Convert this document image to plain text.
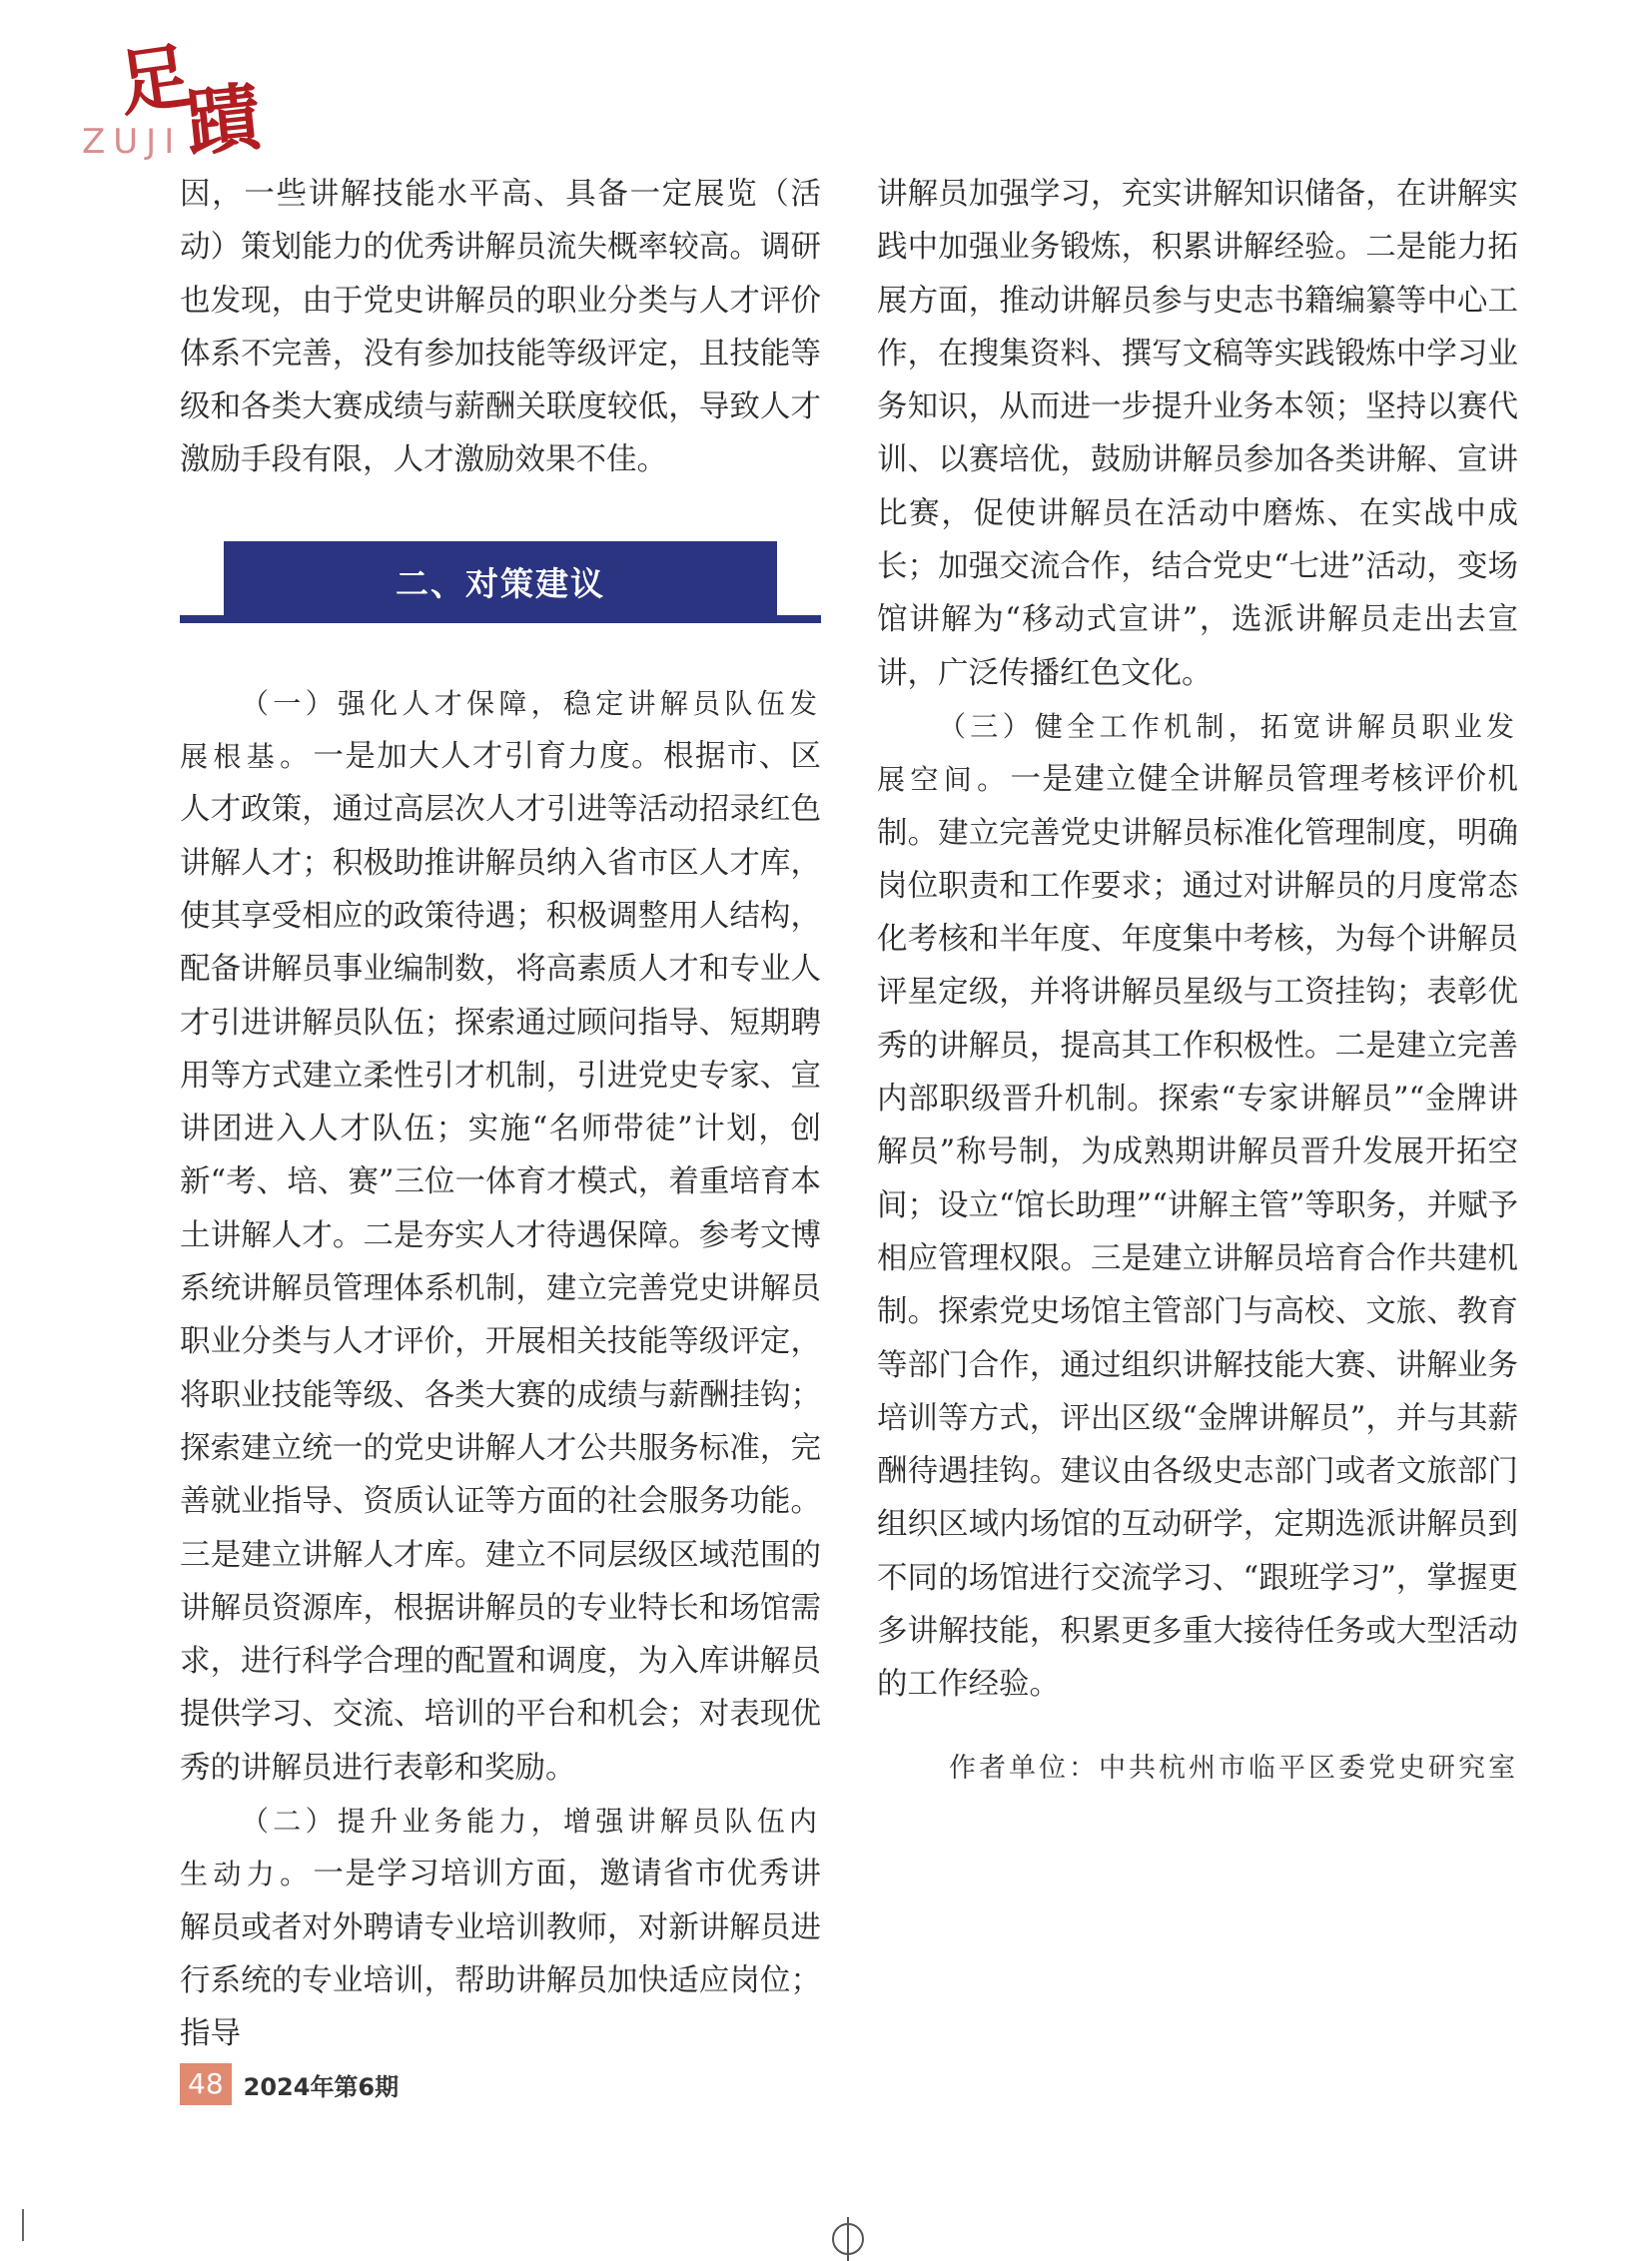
足
蹟
ZUJI

因，一些讲解技能水平高、具备一定展览（活动）策划能力的优秀讲解员流失概率较高。调研也发现，由于党史讲解员的职业分类与人才评价体系不完善，没有参加技能等级评定，且技能等级和各类大赛成绩与薪酬关联度较低，导致人才激励手段有限，人才激励效果不佳。

二、对策建议

（一）强化人才保障，稳定讲解员队伍发展根基。一是加大人才引育力度。根据市、区人才政策，通过高层次人才引进等活动招录红色讲解人才；积极助推讲解员纳入省市区人才库，使其享受相应的政策待遇；积极调整用人结构，配备讲解员事业编制数，将高素质人才和专业人才引进讲解员队伍；探索通过顾问指导、短期聘用等方式建立柔性引才机制，引进党史专家、宣讲团进入人才队伍；实施“名师带徒”计划，创新“考、培、赛”三位一体育才模式，着重培育本土讲解人才。二是夯实人才待遇保障。参考文博系统讲解员管理体系机制，建立完善党史讲解员职业分类与人才评价，开展相关技能等级评定，将职业技能等级、各类大赛的成绩与薪酬挂钩；探索建立统一的党史讲解人才公共服务标准，完善就业指导、资质认证等方面的社会服务功能。三是建立讲解人才库。建立不同层级区域范围的讲解员资源库，根据讲解员的专业特长和场馆需求，进行科学合理的配置和调度，为入库讲解员提供学习、交流、培训的平台和机会；对表现优秀的讲解员进行表彰和奖励。

（二）提升业务能力，增强讲解员队伍内生动力。一是学习培训方面，邀请省市优秀讲解员或者对外聘请专业培训教师，对新讲解员进行系统的专业培训，帮助讲解员加快适应岗位；指导

讲解员加强学习，充实讲解知识储备，在讲解实践中加强业务锻炼，积累讲解经验。二是能力拓展方面，推动讲解员参与史志书籍编纂等中心工作，在搜集资料、撰写文稿等实践锻炼中学习业务知识，从而进一步提升业务本领；坚持以赛代训、以赛培优，鼓励讲解员参加各类讲解、宣讲比赛，促使讲解员在活动中磨炼、在实战中成长；加强交流合作，结合党史“七进”活动，变场馆讲解为“移动式宣讲”，选派讲解员走出去宣讲，广泛传播红色文化。

（三）健全工作机制，拓宽讲解员职业发展空间。一是建立健全讲解员管理考核评价机制。建立完善党史讲解员标准化管理制度，明确岗位职责和工作要求；通过对讲解员的月度常态化考核和半年度、年度集中考核，为每个讲解员评星定级，并将讲解员星级与工资挂钩；表彰优秀的讲解员，提高其工作积极性。二是建立完善内部职级晋升机制。探索“专家讲解员”“金牌讲解员”称号制，为成熟期讲解员晋升发展开拓空间；设立“馆长助理”“讲解主管”等职务，并赋予相应管理权限。三是建立讲解员培育合作共建机制。探索党史场馆主管部门与高校、文旅、教育等部门合作，通过组织讲解技能大赛、讲解业务培训等方式，评出区级“金牌讲解员”，并与其薪酬待遇挂钩。建议由各级史志部门或者文旅部门组织区域内场馆的互动研学，定期选派讲解员到不同的场馆进行交流学习、“跟班学习”，掌握更多讲解技能，积累更多重大接待任务或大型活动的工作经验。

作者单位：中共杭州市临平区委党史研究室
48 2024年第6期
